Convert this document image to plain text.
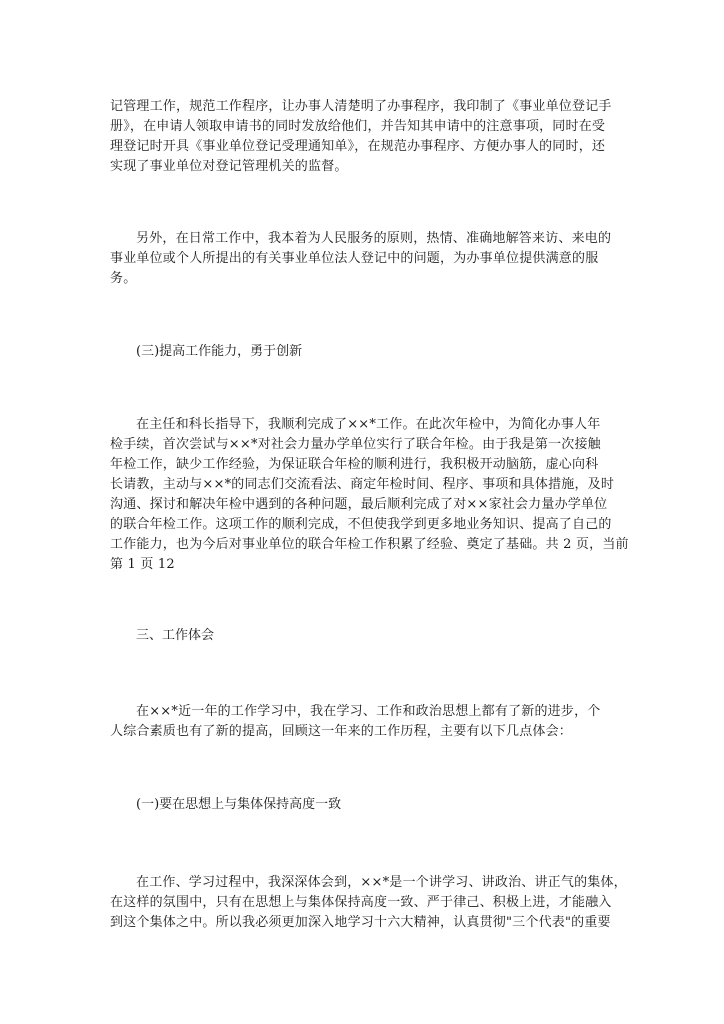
记管理工作，规范工作程序，让办事人清楚明了办事程序，我印制了《事业单位登记手
册》，在申请人领取申请书的同时发放给他们，并告知其申请中的注意事项，同时在受
理登记时开具《事业单位登记受理通知单》，在规范办事程序、方便办事人的同时，还
实现了事业单位对登记管理机关的监督。
另外，在日常工作中，我本着为人民服务的原则，热情、准确地解答来访、来电的
事业单位或个人所提出的有关事业单位法人登记中的问题，为办事单位提供满意的服
务。

(三)提高工作能力，勇于创新

在主任和科长指导下，我顺利完成了××*工作。在此次年检中，为简化办事人年
检手续，首次尝试与××*对社会力量办学单位实行了联合年检。由于我是第一次接触
年检工作，缺少工作经验，为保证联合年检的顺利进行，我积极开动脑筋，虚心向科
长请教，主动与××*的同志们交流看法、商定年检时间、程序、事项和具体措施，及时
沟通、探讨和解决年检中遇到的各种问题，最后顺利完成了对××家社会力量办学单位
的联合年检工作。这项工作的顺利完成，不但使我学到更多地业务知识、提高了自己的
工作能力，也为今后对事业单位的联合年检工作积累了经验、奠定了基础。共 2 页，当前
第 1 页 12

三、工作体会

在××*近一年的工作学习中，我在学习、工作和政治思想上都有了新的进步，个
人综合素质也有了新的提高，回顾这一年来的工作历程，主要有以下几点体会：

(一)要在思想上与集体保持高度一致

在工作、学习过程中，我深深体会到，××*是一个讲学习、讲政治、讲正气的集体，
在这样的氛围中，只有在思想上与集体保持高度一致、严于律己、积极上进，才能融入
到这个集体之中。所以我必须更加深入地学习十六大精神，认真贯彻"三个代表"的重要
